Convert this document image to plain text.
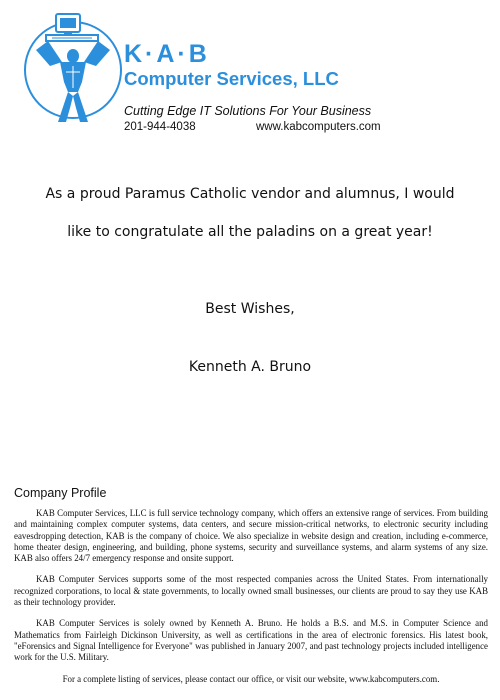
K·A·B
Computer Services, LLC
Cutting Edge IT Solutions For Your Business
201-944-4038	www.kabcomputers.com
As a proud Paramus Catholic vendor and alumnus, I would
like to congratulate all the paladins on a great year!
Best Wishes,
Kenneth A. Bruno
Company Profile

KAB Computer Services, LLC is full service technology company, which offers an extensive range of services. From building and maintaining complex computer systems, data centers, and secure mission-critical networks, to electronic security including eavesdropping detection, KAB is the company of choice. We also specialize in website design and creation, including e-commerce, home theater design, engineering, and building, phone systems, security and surveillance systems, and alarm systems of any size. KAB also offers 24/7 emergency response and onsite support.

KAB Computer Services supports some of the most respected companies across the United States. From internationally recognized corporations, to local & state governments, to locally owned small businesses, our clients are proud to say they use KAB as their technology provider.

KAB Computer Services is solely owned by Kenneth A. Bruno. He holds a B.S. and M.S. in Computer Science and Mathematics from Fairleigh Dickinson University, as well as certifications in the area of electronic forensics. His latest book, "eForensics and Signal Intelligence for Everyone" was published in January 2007, and past technology projects included intelligence work for the U.S. Military.

For a complete listing of services, please contact our office, or visit our website, www.kabcomputers.com.
